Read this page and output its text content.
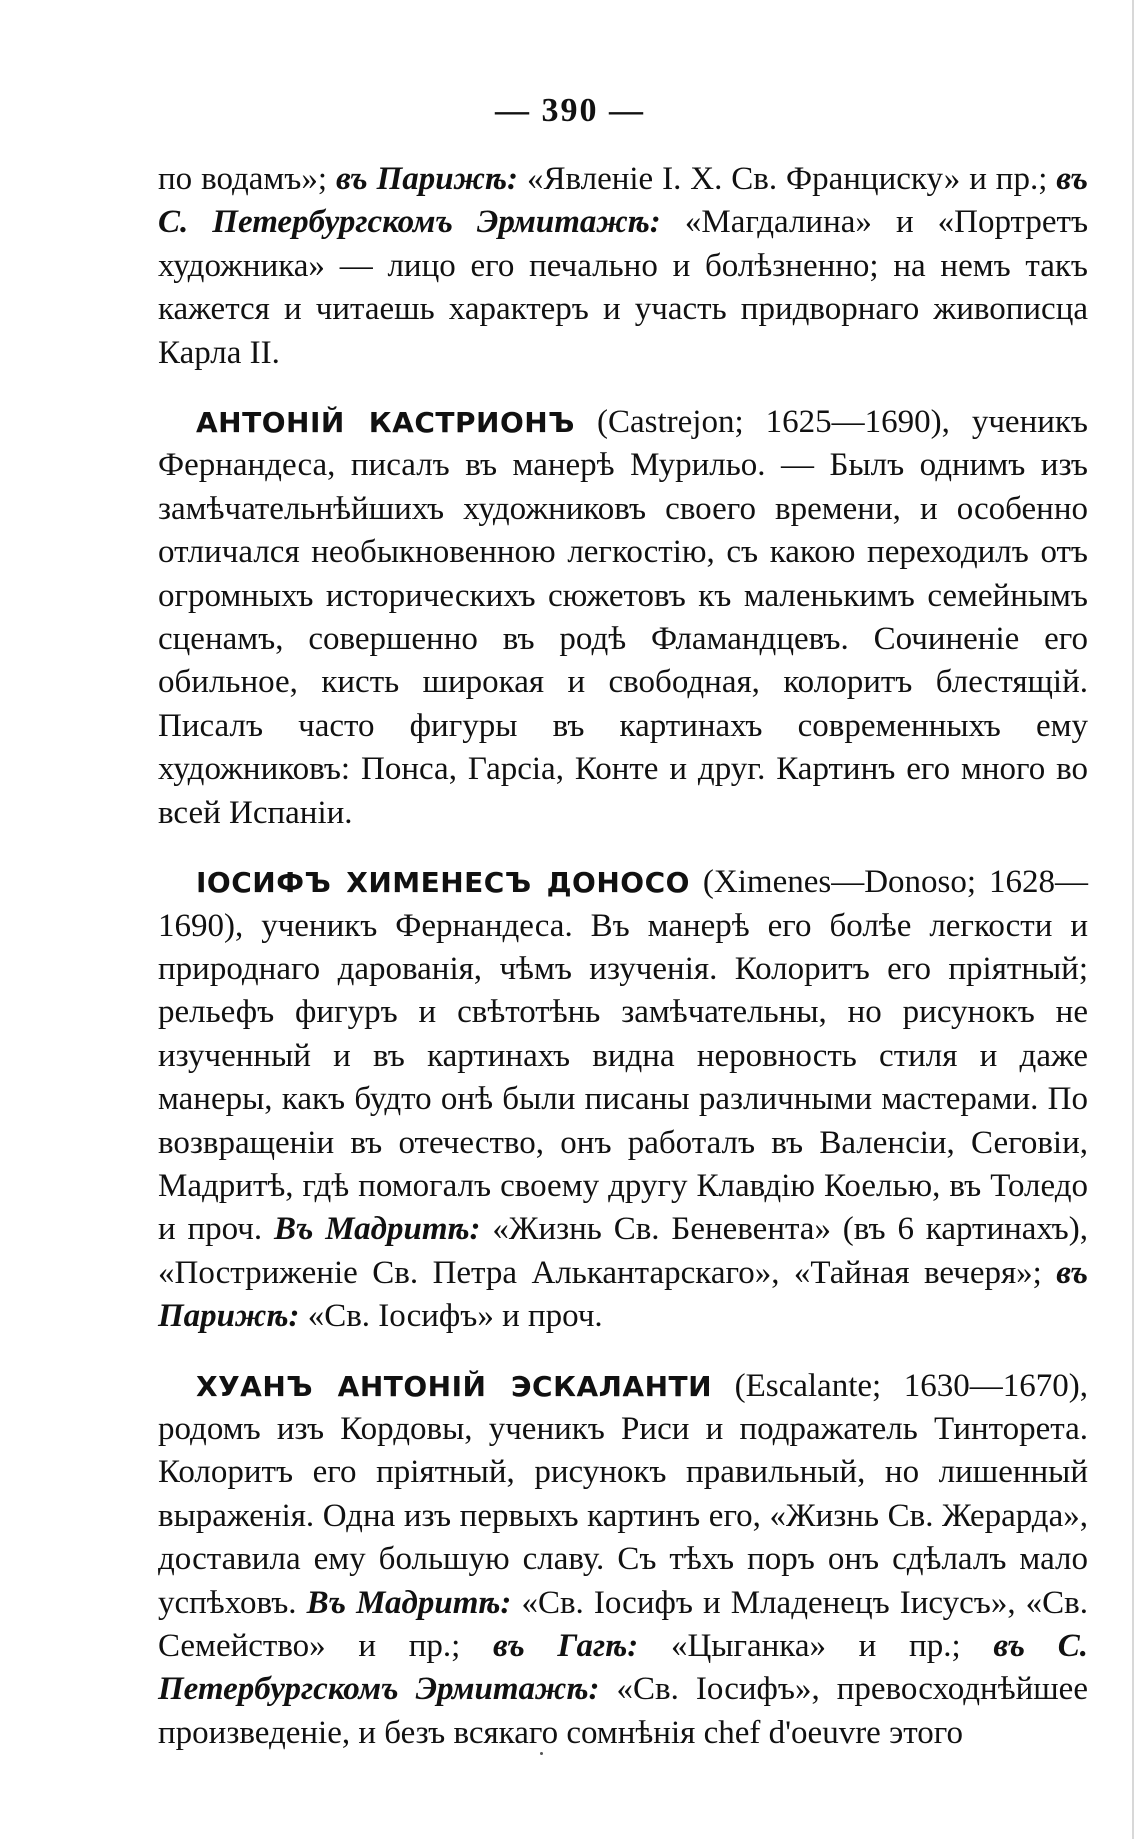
— 390 —

по водамъ»; въ Парижѣ: «Явленіе І. Х. Св. Франциску» и пр.; въ С. Петербургскомъ Эрмитажѣ: «Магдалина» и «Портретъ художника» — лицо его печально и болѣзненно; на немъ такъ кажется и читаешь характеръ и участь придворнаго живописца Карла II.

АНТОНІЙ КАСТРИОНЪ (Castrejon; 1625—1690), ученикъ Фернандеса, писалъ въ манерѣ Мурильо. — Былъ однимъ изъ замѣчательнѣйшихъ художниковъ своего времени, и особенно отличался необыкновенною легкостію, съ какою переходилъ отъ огромныхъ историческихъ сюжетовъ къ маленькимъ семейнымъ сценамъ, совершенно въ родѣ Фламандцевъ. Сочиненіе его обильное, кисть широкая и свободная, колоритъ блестящій. Писалъ часто фигуры въ картинахъ современныхъ ему художниковъ: Понса, Гарсіа, Конте и друг. Картинъ его много во всей Испаніи.

ІОСИФЪ ХИМЕНЕСЪ ДОНОСО (Ximenes—Donoso; 1628—1690), ученикъ Фернандеса. Въ манерѣ его болѣе легкости и природнаго дарованія, чѣмъ изученія. Колоритъ его пріятный; рельефъ фигуръ и свѣтотѣнь замѣчательны, но рисунокъ не изученный и въ картинахъ видна неровность стиля и даже манеры, какъ будто онѣ были писаны различными мастерами. По возвращеніи въ отечество, онъ работалъ въ Валенсіи, Сеговіи, Мадритѣ, гдѣ помогалъ своему другу Клавдію Коелью, въ Толедо и проч. Въ Мадритѣ: «Жизнь Св. Беневента» (въ 6 картинахъ), «Постриженіе Св. Петра Алькантарскаго», «Тайная вечеря»; въ Парижѣ: «Св. Іосифъ» и проч.

ХУАНЪ АНТОНІЙ ЭСКАЛАНТИ (Escalante; 1630—1670), родомъ изъ Кордовы, ученикъ Риси и подражатель Тинторета. Колоритъ его пріятный, рисунокъ правильный, но лишенный выраженія. Одна изъ первыхъ картинъ его, «Жизнь Св. Жерарда», доставила ему большую славу. Съ тѣхъ поръ онъ сдѣлалъ мало успѣховъ. Въ Мадритѣ: «Св. Іосифъ и Младенецъ Іисусъ», «Св. Семейство» и пр.; въ Гагѣ: «Цыганка» и пр.; въ С. Петербургскомъ Эрмитажѣ: «Св. Іосифъ», превосходнѣйшее произведеніе, и безъ всякаго сомнѣнія chef d'oeuvre этого
